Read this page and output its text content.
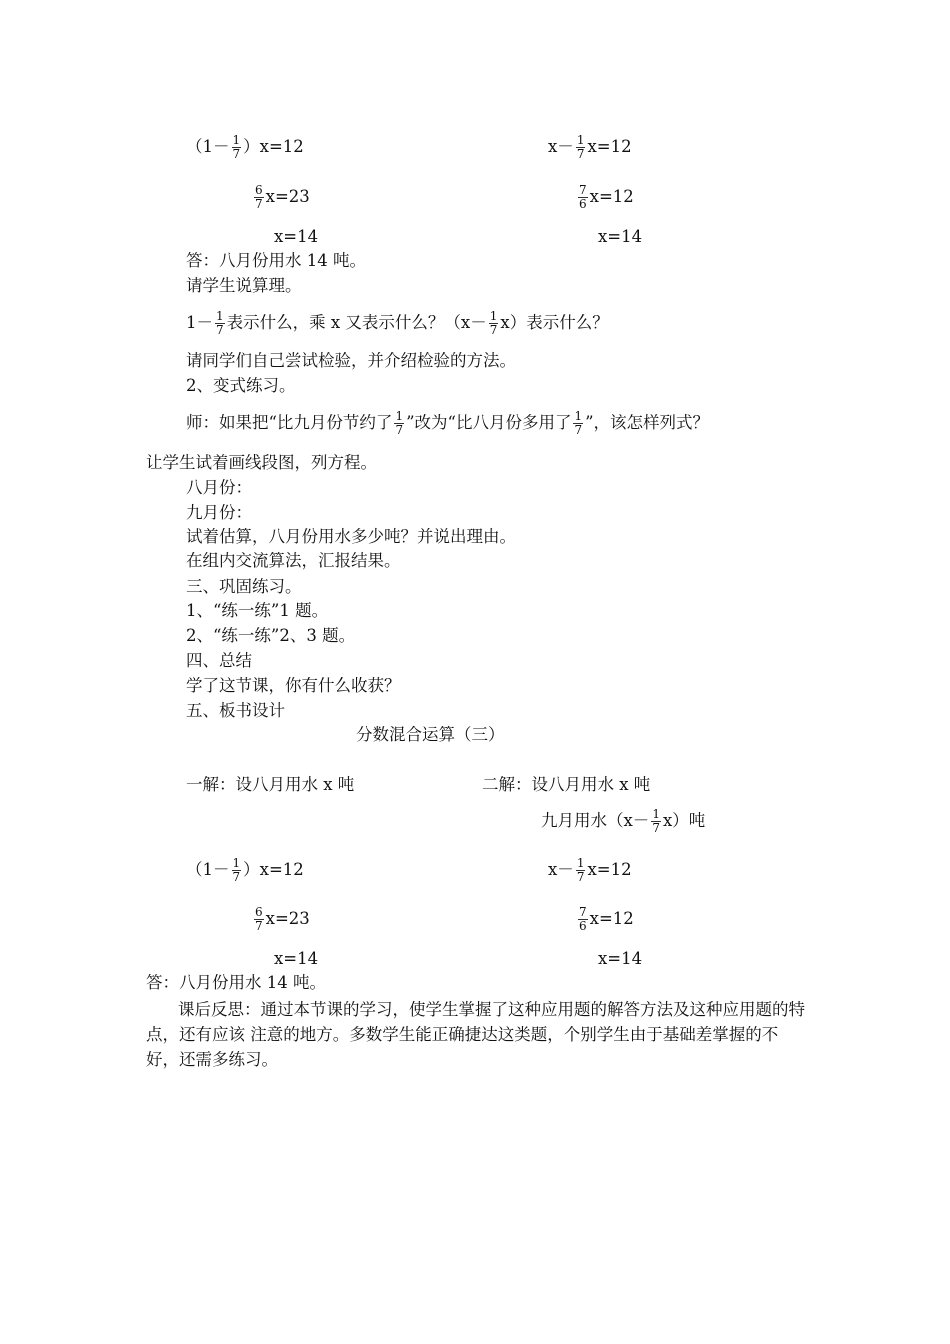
$(1- \frac{1}{7} )x=12$
$\frac{6}{7} x=23$
x=14
$x- \frac{1}{7} x=12$
$\frac{7}{6} x=12$
x=14
答：八月份用水 14 吨。
请学生说算理。
$1- \frac{1}{7}$ 表示什么，乘 x 又表示什么？$(x- \frac{1}{7} x)$表示什么？
请同学们自己尝试检验，并介绍检验的方法。
2、变式练习。
师：如果把“比九月份节约了 $\frac{1}{7}$ ”改为“比八月份多用了 $\frac{1}{7}$ ”，该怎样列式？
让学生试着画线段图，列方程。
八月份：
九月份：
试着估算，八月份用水多少吨？并说出理由。
在组内交流算法，汇报结果。
三、巩固练习。
1、“练一练”1 题。
2、“练一练”2、3 题。
四、总结
学了这节课，你有什么收获？
五、板书设计
分数混合运算（三）
一解：设八月用水 x 吨	二解：设八月用水 x 吨
九月用水$(x- \frac{1}{7} x)$吨
$(1- \frac{1}{7} )x=12$
$\frac{6}{7} x=23$
x=14
$x- \frac{1}{7} x=12$
$\frac{7}{6} x=12$
x=14
答：八月份用水 14 吨。
课后反思：通过本节课的学习，使学生掌握了这种应用题的解答方法及这种应用题的特点，还有应该 注意的地方。多数学生能正确捷达这类题，个别学生由于基础差掌握的不好，还需多练习。
